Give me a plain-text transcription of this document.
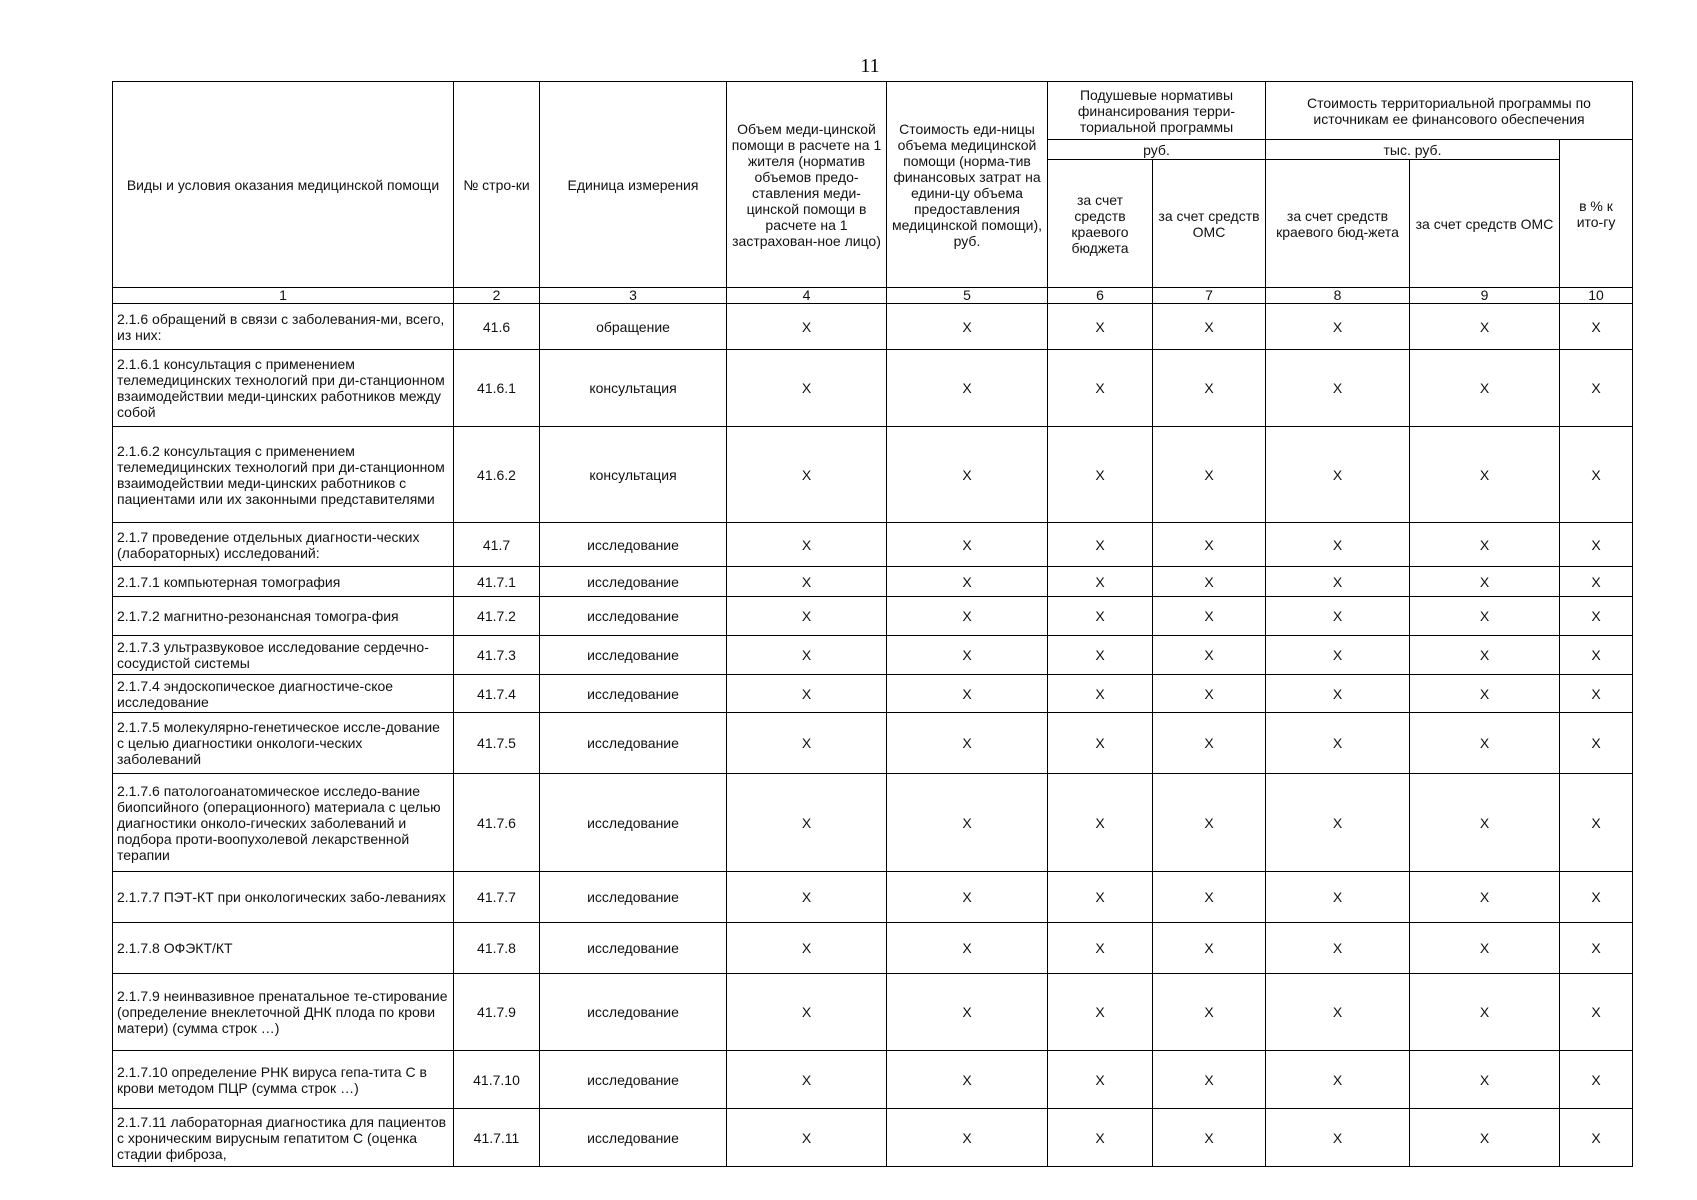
11
Виды и условия оказания медицинской помощи	№ стро-ки	Единица измерения	Объем меди-цинской помощи в расчете на 1 жителя (норматив объемов предо-ставления меди-цинской помощи в расчете на 1 застрахован-ное лицо)	Стоимость еди-ницы объема медицинской помощи (норма-тив финансовых затрат на едини-цу объема предоставления медицинской помощи), руб.	Подушевые нормативы финансирования терри-ториальной программы		Стоимость территориальной программы по источникам ее финансового обеспечения		
					руб.		тыс. руб.		в % к ито-гу
					за счет средств краевого бюджета	за счет средств ОМС	за счет средств краевого бюд-жета	за счет средств ОМС	
1	2	3	4	5	6	7	8	9	10
2.1.6 обращений в связи с заболевания-ми, всего, из них:	41.6	обращение	X	X	X	X	X	X	X
2.1.6.1 консультация с применением телемедицинских технологий при ди-станционном взаимодействии меди-цинских работников между собой	41.6.1	консультация	X	X	X	X	X	X	X
2.1.6.2 консультация с применением телемедицинских технологий при ди-станционном взаимодействии меди-цинских работников с пациентами или их законными представителями	41.6.2	консультация	X	X	X	X	X	X	X
2.1.7 проведение отдельных диагности-ческих (лабораторных) исследований:	41.7	исследование	X	X	X	X	X	X	X
2.1.7.1 компьютерная томография	41.7.1	исследование	X	X	X	X	X	X	X
2.1.7.2 магнитно-резонансная томогра-фия	41.7.2	исследование	X	X	X	X	X	X	X
2.1.7.3 ультразвуковое исследование сердечно-сосудистой системы	41.7.3	исследование	X	X	X	X	X	X	X
2.1.7.4 эндоскопическое диагностиче-ское исследование	41.7.4	исследование	X	X	X	X	X	X	X
2.1.7.5 молекулярно-генетическое иссле-дование с целью диагностики онкологи-ческих заболеваний	41.7.5	исследование	X	X	X	X	X	X	X
2.1.7.6 патологоанатомическое исследо-вание биопсийного (операционного) материала с целью диагностики онколо-гических заболеваний и подбора проти-воопухолевой лекарственной терапии	41.7.6	исследование	X	X	X	X	X	X	X
2.1.7.7 ПЭТ-КТ при онкологических забо-леваниях	41.7.7	исследование	X	X	X	X	X	X	X
2.1.7.8 ОФЭКТ/КТ	41.7.8	исследование	X	X	X	X	X	X	X
2.1.7.9 неинвазивное пренатальное те-стирование (определение внеклеточной ДНК плода по крови матери) (сумма строк …)	41.7.9	исследование	X	X	X	X	X	X	X
2.1.7.10 определение РНК вируса гепа-тита С в крови методом ПЦР (сумма строк …)	41.7.10	исследование	X	X	X	X	X	X	X
2.1.7.11 лабораторная диагностика для пациентов с хроническим вирусным гепатитом С (оценка стадии фиброза,	41.7.11	исследование	X	X	X	X	X	X	X
